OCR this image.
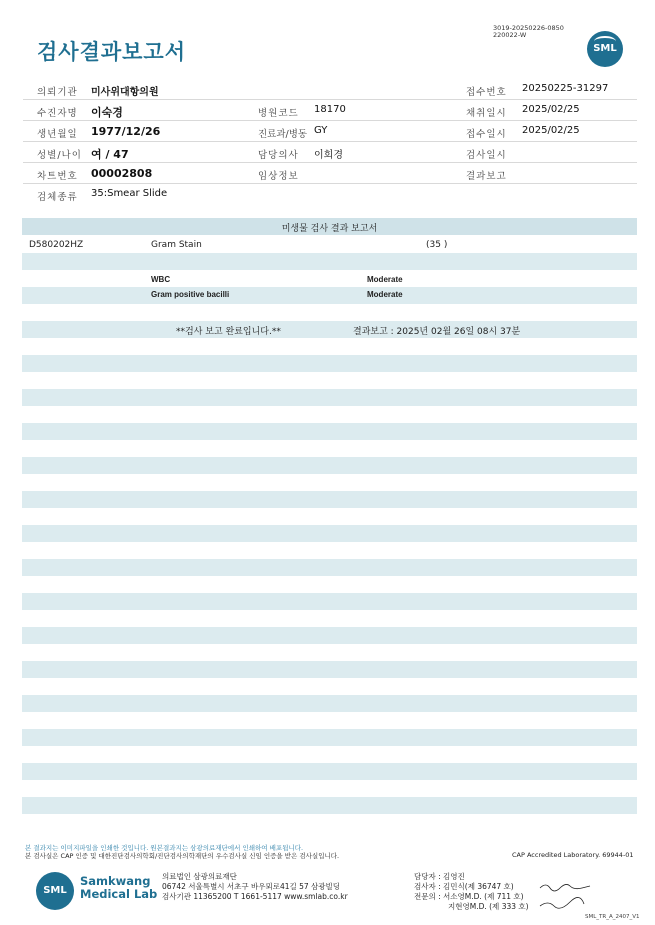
검사결과보고서
3019-20250226-0850
220022-W
SML
의뢰기관 미사위대항의원	접수번호 20250225-31297
수진자명 이숙경	병원코드 18170	채취일시 2025/02/25
생년월일 1977/12/26	진료과/병동 GY	접수일시 2025/02/25
성별/나이 여 / 47	담당의사 이희경	검사일시
차트번호 00002808	임상정보	결과보고
검체종류 35:Smear Slide
미생물 검사 결과 보고서
D580202HZ	Gram Stain	(35 )
WBC	Moderate
Gram positive bacilli	Moderate
**검사 보고 완료입니다.**	결과보고 : 2025년 02월 26일 08시 37분
본 결과지는 이미지파일을 인쇄한 것입니다. 원본결과지는 삼광의료재단에서 인쇄하여 배포됩니다.
본 검사실은 CAP 인증 및 대한진단검사의학회/진단검사의학재단의 우수검사실 신임 인증을 받은 검사실입니다.	CAP Accredited Laboratory. 69944-01
SML
Samkwang
Medical Lab
의료법인 삼광의료재단
06742 서울특별시 서초구 바우뫼로41길 57 삼광빌딩
검사기관 11365200 T 1661-5117 www.smlab.co.kr
담당자 : 김영진
검사자 : 김민식(제 36747 호)
전문의 : 서소영M.D. (제 711 호)
지현영M.D. (제 333 호)
SML_TR_A_2407_V1
